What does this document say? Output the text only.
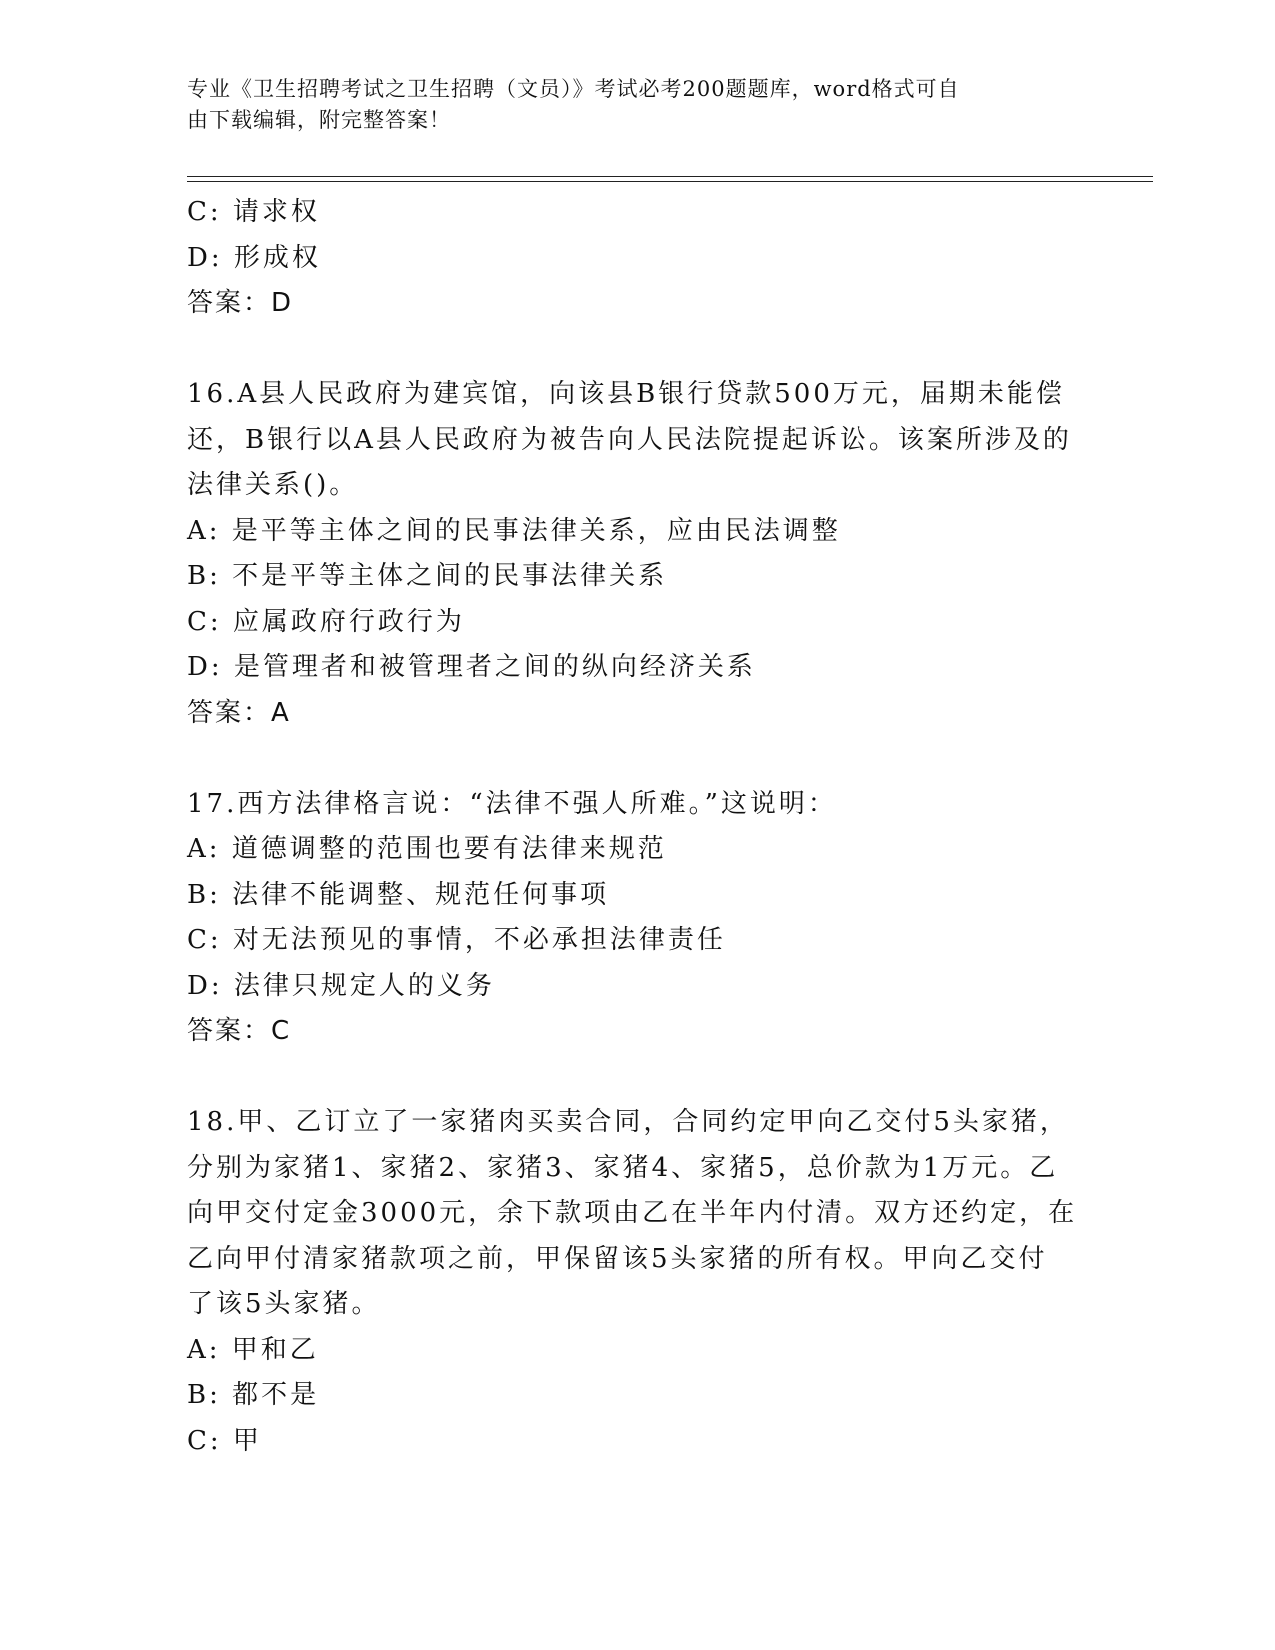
专业《卫生招聘考试之卫生招聘（文员）》考试必考200题题库，word格式可自
由下载编辑，附完整答案！
C: 请求权
D: 形成权
答案：D
16.A县人民政府为建宾馆，向该县B银行贷款500万元，届期未能偿
还，B银行以A县人民政府为被告向人民法院提起诉讼。该案所涉及的
法律关系()。
A: 是平等主体之间的民事法律关系，应由民法调整
B: 不是平等主体之间的民事法律关系
C: 应属政府行政行为
D: 是管理者和被管理者之间的纵向经济关系
答案：A
17.西方法律格言说：“法律不强人所难。”这说明：
A: 道德调整的范围也要有法律来规范
B: 法律不能调整、规范任何事项
C: 对无法预见的事情，不必承担法律责任
D: 法律只规定人的义务
答案：C
18.甲、乙订立了一家猪肉买卖合同，合同约定甲向乙交付5头家猪，
分别为家猪1、家猪2、家猪3、家猪4、家猪5，总价款为1万元。乙
向甲交付定金3000元，余下款项由乙在半年内付清。双方还约定，在
乙向甲付清家猪款项之前，甲保留该5头家猪的所有权。甲向乙交付
了该5头家猪。
A: 甲和乙
B: 都不是
C: 甲
